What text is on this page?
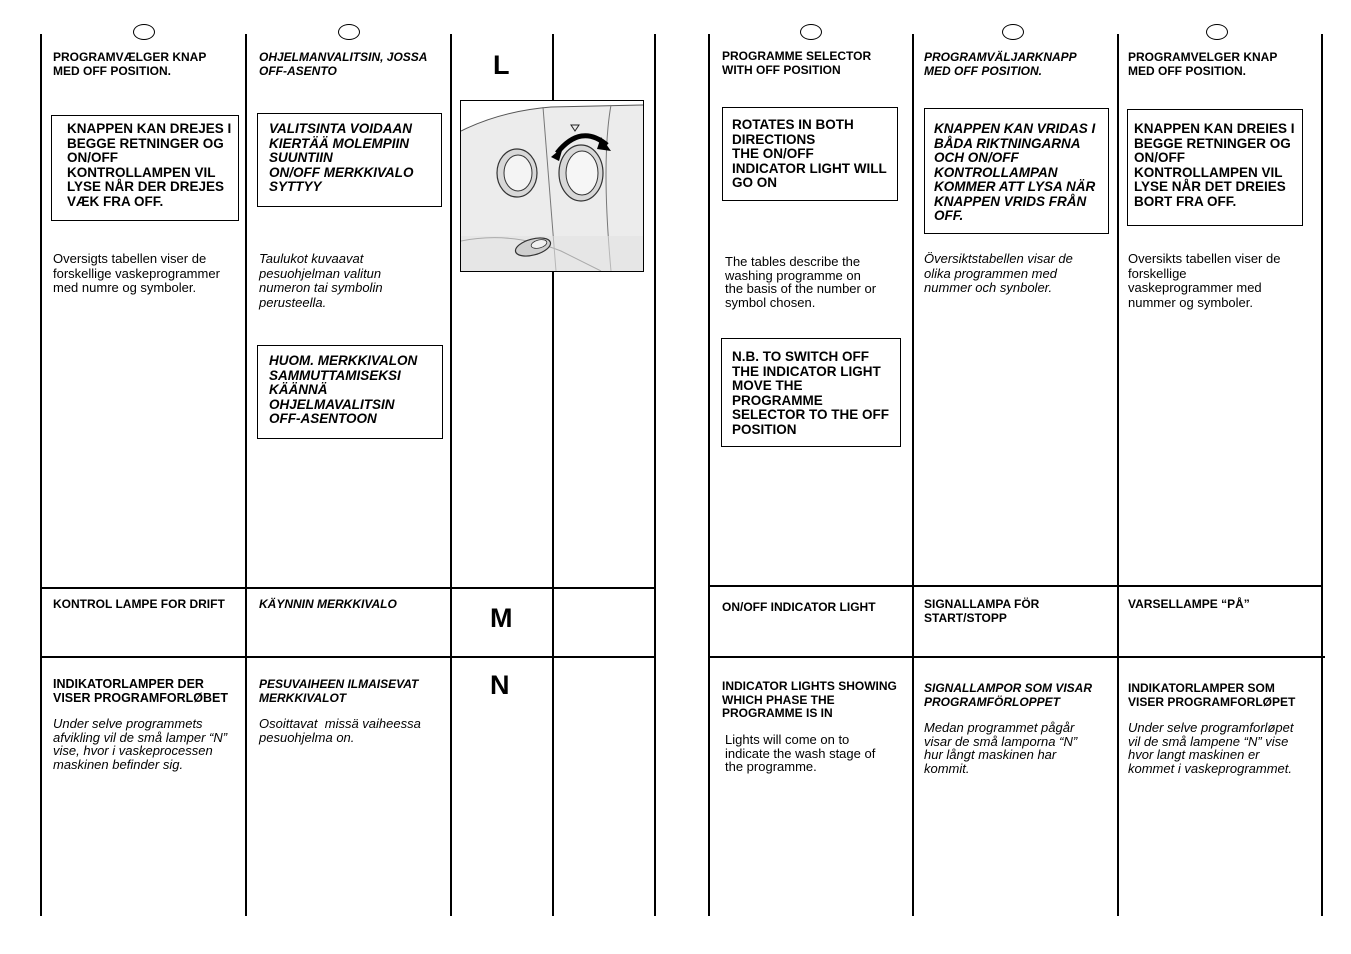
PROGRAMVÆLGER KNAP
MED OFF POSITION.
KNAPPEN KAN DREJES I
BEGGE RETNINGER OG
ON/OFF
KONTROLLAMPEN VIL
LYSE NÅR DER DREJES
VÆK FRA OFF.
Oversigts tabellen viser de
forskellige vaskeprogrammer
med numre og symboler.
KONTROL LAMPE FOR DRIFT
INDIKATORLAMPER DER
VISER PROGRAMFORLØBET
Under selve programmets
afvikling vil de små lamper “N”
vise, hvor i vaskeprocessen
maskinen befinder sig.
OHJELMANVALITSIN, JOSSA
OFF-ASENTO
VALITSINTA VOIDAAN
KIERTÄÄ MOLEMPIIN
SUUNTIIN
ON/OFF MERKKIVALO
SYTTYY
Taulukot kuvaavat
pesuohjelman valitun
numeron tai symbolin
perusteella.
HUOM. MERKKIVALON
SAMMUTTAMISEKSI
KÄÄNNÄ
OHJELMAVALITSIN
OFF-ASENTOON
KÄYNNIN MERKKIVALO
PESUVAIHEEN ILMAISEVAT
MERKKIVALOT
Osoittavat  missä vaiheessa
pesuohjelma on.
L
M
N
PROGRAMME SELECTOR
WITH OFF POSITION
ROTATES IN BOTH
DIRECTIONS
THE ON/OFF
INDICATOR LIGHT WILL
GO ON
The tables describe the
washing programme on
the basis of the number or
symbol chosen.
N.B. TO SWITCH OFF
THE INDICATOR LIGHT
MOVE THE
PROGRAMME
SELECTOR TO THE OFF
POSITION
ON/OFF INDICATOR LIGHT
INDICATOR LIGHTS SHOWING
WHICH PHASE THE
PROGRAMME IS IN
Lights will come on to
indicate the wash stage of
the programme.
PROGRAMVÄLJARKNAPP
MED OFF POSITION.
KNAPPEN KAN VRIDAS I
BÅDA RIKTNINGARNA
OCH ON/OFF
KONTROLLAMPAN
KOMMER ATT LYSA NÄR
KNAPPEN VRIDS FRÅN
OFF.
Översiktstabellen visar de
olika programmen med
nummer och synboler.
SIGNALLAMPA FÖR
START/STOPP
SIGNALLAMPOR SOM VISAR
PROGRAMFÖRLOPPET
Medan programmet pågår
visar de små lamporna “N”
hur långt maskinen har
kommit.
PROGRAMVELGER KNAP
MED OFF POSITION.
KNAPPEN KAN DREIES I
BEGGE RETNINGER OG
ON/OFF
KONTROLLAMPEN VIL
LYSE NÅR DET DREIES
BORT FRA OFF.
Oversikts tabellen viser de
forskellige
vaskeprogrammer med
nummer og symboler.
VARSELLAMPE “PÅ”
INDIKATORLAMPER SOM
VISER PROGRAMFORLØPET
Under selve programforløpet
vil de små lampene “N” vise
hvor langt maskinen er
kommet i vaskeprogrammet.
